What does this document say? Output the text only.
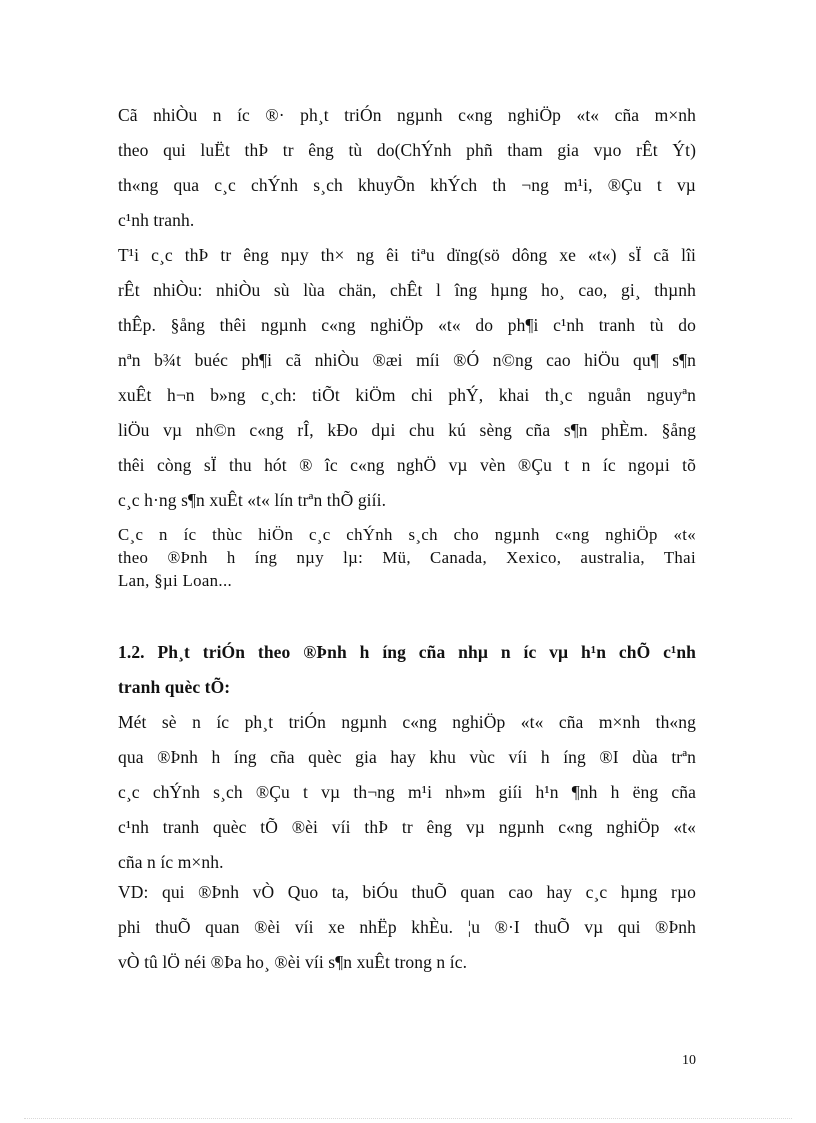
Cã nhiÒu n íc ®· ph¸t triÓn ngµnh c«ng nghiÖp «t« cña m×nh

theo qui luËt thÞ tr êng tù do(ChÝnh phñ tham gia vµo rÊt Ýt)

th«ng qua c¸c chÝnh s¸ch khuyÕn khÝch th ¬ng m¹i, ®Çu t vµ

c¹nh tranh.

T¹i c¸c thÞ tr êng nµy th× ng êi tiªu dïng(sö dông xe «t«) sÏ cã lîi

rÊt nhiÒu: nhiÒu sù lùa chän, chÊt l îng hµng ho¸ cao, gi¸ thµnh

thÊp. §ång thêi ngµnh c«ng nghiÖp «t« do ph¶i c¹nh tranh tù do

nªn b¾t buéc ph¶i cã nhiÒu ®æi míi ®Ó n©ng cao hiÖu qu¶ s¶n

xuÊt h¬n b»ng c¸ch: tiÕt kiÖm chi phÝ, khai th¸c nguån nguyªn

liÖu vµ nh©n c«ng rÎ, kÐo dµi chu kú sèng cña s¶n phÈm. §ång

thêi còng sÏ thu hót ® îc c«ng nghÖ vµ vèn ®Çu t n íc ngoµi tõ

c¸c h·ng s¶n xuÊt «t« lín trªn thÕ giíi.

C¸c n íc thùc hiÖn c¸c chÝnh s¸ch cho ngµnh c«ng nghiÖp «t«

theo ®Þnh h íng nµy lµ: Mü, Canada, Xexico, australia, Thai

Lan, §µi Loan...

1.2. Ph¸t triÓn theo ®Þnh h íng cña nhµ n íc vµ h¹n chÕ c¹nh

tranh quèc tÕ:

Mét sè n íc ph¸t triÓn ngµnh c«ng nghiÖp «t« cña m×nh th«ng

qua ®Þnh h íng cña quèc gia hay khu vùc víi h íng ®I dùa trªn

c¸c chÝnh s¸ch ®Çu t vµ th¬ng m¹i nh»m giíi h¹n ¶nh h ëng cña

c¹nh tranh quèc tÕ ®èi víi thÞ tr êng vµ ngµnh c«ng nghiÖp «t«

cña n íc m×nh.

VD: qui ®Þnh vÒ Quo ta, biÓu thuÕ quan cao hay c¸c hµng rµo

phi thuÕ quan ®èi víi xe nhËp khÈu. ¦u ®·I thuÕ vµ qui ®Þnh

vÒ tû lÖ néi ®Þa ho¸ ®èi víi s¶n xuÊt trong n íc.

10
